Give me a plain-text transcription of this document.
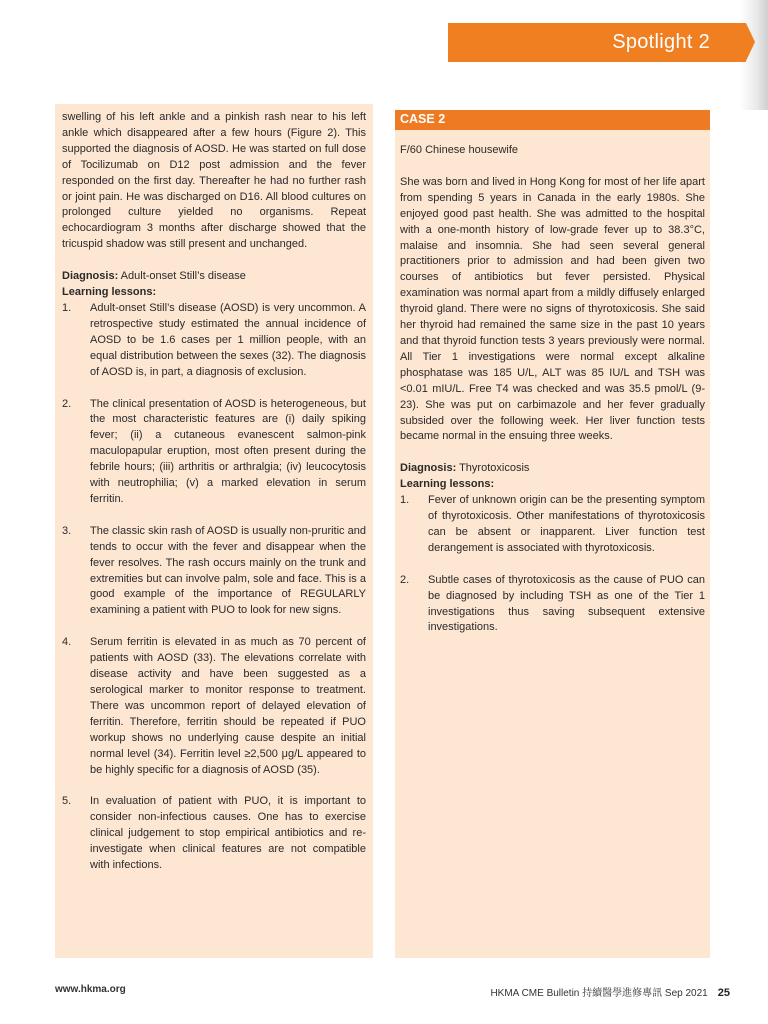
Spotlight 2
CASE 2

swelling of his left ankle and a pinkish rash near to his left ankle which disappeared after a few hours (Figure 2). This supported the diagnosis of AOSD. He was started on full dose of Tocilizumab on D12 post admission and the fever responded on the first day. Thereafter he had no further rash or joint pain. He was discharged on D16. All blood cultures on prolonged culture yielded no organisms. Repeat echocardiogram 3 months after discharge showed that the tricuspid shadow was still present and unchanged.

Diagnosis: Adult-onset Still’s disease
Learning lessons:
1. Adult-onset Still’s disease (AOSD) is very uncommon. A retrospective study estimated the annual incidence of AOSD to be 1.6 cases per 1 million people, with an equal distribution between the sexes (32). The diagnosis of AOSD is, in part, a diagnosis of exclusion.
2. The clinical presentation of AOSD is heterogeneous, but the most characteristic features are (i) daily spiking fever; (ii) a cutaneous evanescent salmon-pink maculopapular eruption, most often present during the febrile hours; (iii) arthritis or arthralgia; (iv) leucocytosis with neutrophilia; (v) a marked elevation in serum ferritin.
3. The classic skin rash of AOSD is usually non-pruritic and tends to occur with the fever and disappear when the fever resolves. The rash occurs mainly on the trunk and extremities but can involve palm, sole and face. This is a good example of the importance of REGULARLY examining a patient with PUO to look for new signs.
4. Serum ferritin is elevated in as much as 70 percent of patients with AOSD (33). The elevations correlate with disease activity and have been suggested as a serological marker to monitor response to treatment. There was uncommon report of delayed elevation of ferritin. Therefore, ferritin should be repeated if PUO workup shows no underlying cause despite an initial normal level (34). Ferritin level ≥2,500 μg/L appeared to be highly specific for a diagnosis of AOSD (35).
5. In evaluation of patient with PUO, it is important to consider non-infectious causes. One has to exercise clinical judgement to stop empirical antibiotics and re-investigate when clinical features are not compatible with infections.

F/60 Chinese housewife

She was born and lived in Hong Kong for most of her life apart from spending 5 years in Canada in the early 1980s. She enjoyed good past health. She was admitted to the hospital with a one-month history of low-grade fever up to 38.3°C, malaise and insomnia. She had seen several general practitioners prior to admission and had been given two courses of antibiotics but fever persisted. Physical examination was normal apart from a mildly diffusely enlarged thyroid gland. There were no signs of thyrotoxicosis. She said her thyroid had remained the same size in the past 10 years and that thyroid function tests 3 years previously were normal. All Tier 1 investigations were normal except alkaline phosphatase was 185 U/L, ALT was 85 IU/L and TSH was <0.01 mIU/L. Free T4 was checked and was 35.5 pmol/L (9-23). She was put on carbimazole and her fever gradually subsided over the following week. Her liver function tests became normal in the ensuing three weeks.

Diagnosis: Thyrotoxicosis
Learning lessons:
1. Fever of unknown origin can be the presenting symptom of thyrotoxicosis. Other manifestations of thyrotoxicosis can be absent or inapparent. Liver function test derangement is associated with thyrotoxicosis.
2. Subtle cases of thyrotoxicosis as the cause of PUO can be diagnosed by including TSH as one of the Tier 1 investigations thus saving subsequent extensive investigations.
www.hkma.org	HKMA CME Bulletin 持續醫學進修專訊 Sep 2021 25
